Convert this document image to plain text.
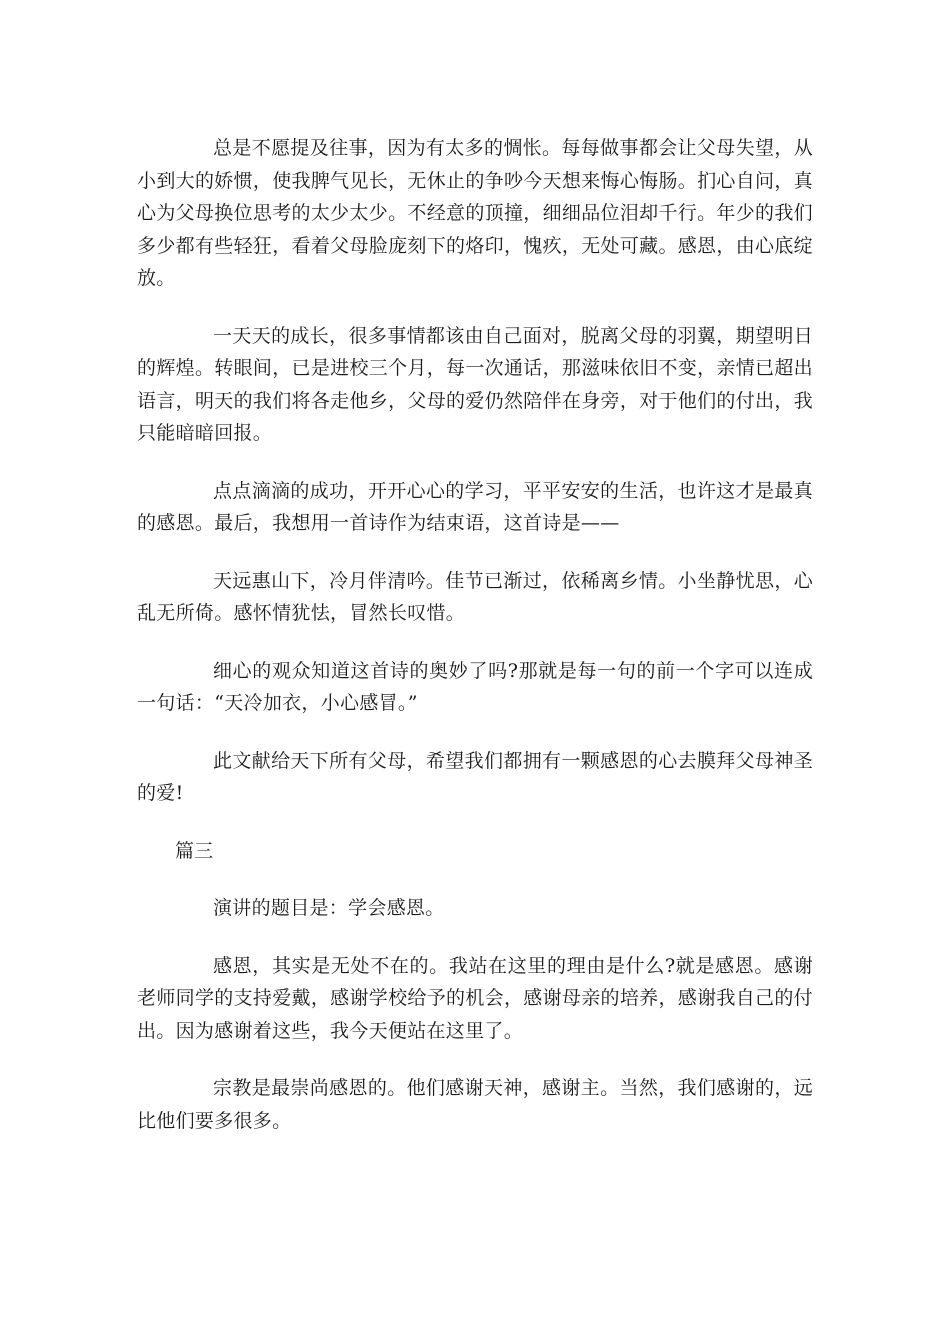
总是不愿提及往事，因为有太多的惆怅。每每做事都会让父母失望，从小到大的娇惯，使我脾气见长，无休止的争吵今天想来悔心悔肠。扪心自问，真心为父母换位思考的太少太少。不经意的顶撞，细细品位泪却千行。年少的我们多少都有些轻狂，看着父母脸庞刻下的烙印，愧疚，无处可藏。感恩，由心底绽放。

一天天的成长，很多事情都该由自己面对，脱离父母的羽翼，期望明日的辉煌。转眼间，已是进校三个月，每一次通话，那滋味依旧不变，亲情已超出语言，明天的我们将各走他乡，父母的爱仍然陪伴在身旁，对于他们的付出，我只能暗暗回报。

点点滴滴的成功，开开心心的学习，平平安安的生活，也许这才是最真的感恩。最后，我想用一首诗作为结束语，这首诗是——

天远惠山下，冷月伴清吟。佳节已渐过，依稀离乡情。小坐静忧思，心乱无所倚。感怀情犹怯，冒然长叹惜。

细心的观众知道这首诗的奥妙了吗?那就是每一句的前一个字可以连成一句话：“天冷加衣，小心感冒。”

此文献给天下所有父母，希望我们都拥有一颗感恩的心去膜拜父母神圣的爱!

篇三

演讲的题目是：学会感恩。

感恩，其实是无处不在的。我站在这里的理由是什么?就是感恩。感谢老师同学的支持爱戴，感谢学校给予的机会，感谢母亲的培养，感谢我自己的付出。因为感谢着这些，我今天便站在这里了。

宗教是最崇尚感恩的。他们感谢天神，感谢主。当然，我们感谢的，远比他们要多很多。
